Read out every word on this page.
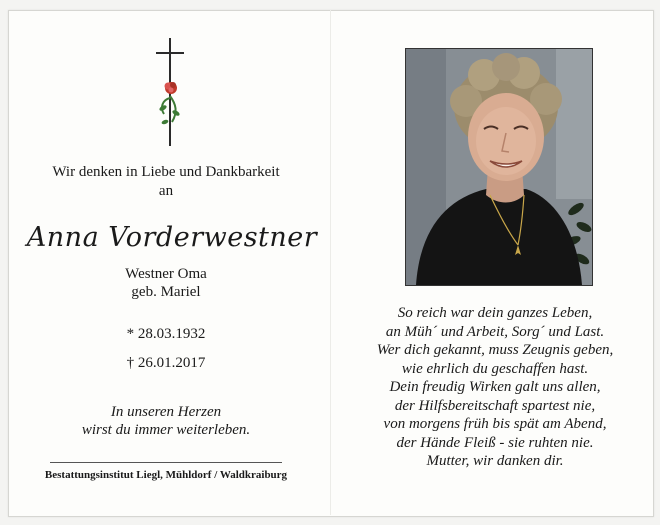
Wir denken in Liebe und Dankbarkeit
an
Anna Vorderwestner
Westner Oma
geb. Mariel
* 28.03.1932
† 26.01.2017
In unseren Herzen
wirst du immer weiterleben.
Bestattungsinstitut Liegl, Mühldorf / Waldkraiburg
So reich war dein ganzes Leben,
an Müh´ und Arbeit, Sorg´ und Last.
Wer dich gekannt, muss Zeugnis geben,
wie ehrlich du geschaffen hast.
Dein freudig Wirken galt uns allen,
der Hilfsbereitschaft spartest nie,
von morgens früh bis spät am Abend,
der Hände Fleiß - sie ruhten nie.
Mutter, wir danken dir.
